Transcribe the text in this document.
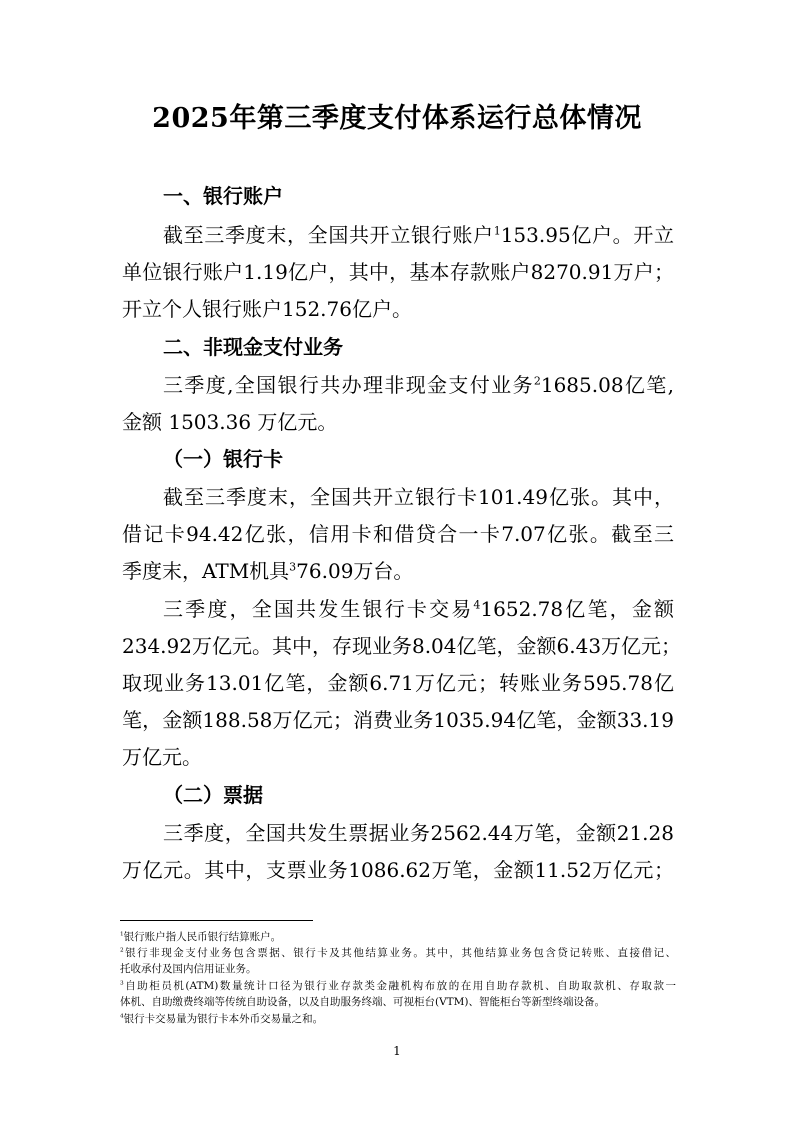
2025年第三季度支付体系运行总体情况
一、银行账户
截至三季度末，全国共开立银行账户$^1$153.95亿户。开立
单位银行账户1.19亿户，其中，基本存款账户8270.91万户；
开立个人银行账户152.76亿户。
二、非现金支付业务
三季度,全国银行共办理非现金支付业务$^2$1685.08亿笔,
金额 1503.36 万亿元。
（一）银行卡
截至三季度末，全国共开立银行卡101.49亿张。其中，
借记卡94.42亿张，信用卡和借贷合一卡7.07亿张。截至三
季度末，ATM机具$^3$76.09万台。
三季度，全国共发生银行卡交易$^4$1652.78亿笔，金额
234.92万亿元。其中，存现业务8.04亿笔，金额6.43万亿元；
取现业务13.01亿笔，金额6.71万亿元；转账业务595.78亿
笔，金额188.58万亿元；消费业务1035.94亿笔，金额33.19
万亿元。
（二）票据
三季度，全国共发生票据业务2562.44万笔，金额21.28
万亿元。其中，支票业务1086.62万笔，金额11.52万亿元；
$^1$银行账户指人民币银行结算账户。
$^2$银行非现金支付业务包含票据、银行卡及其他结算业务。其中，其他结算业务包含贷记转账、直接借记、
托收承付及国内信用证业务。
$^3$自助柜员机(ATM)数量统计口径为银行业存款类金融机构布放的在用自助存款机、自助取款机、存取款一
体机、自助缴费终端等传统自助设备，以及自助服务终端、可视柜台(VTM)、智能柜台等新型终端设备。
$^4$银行卡交易量为银行卡本外币交易量之和。
1
